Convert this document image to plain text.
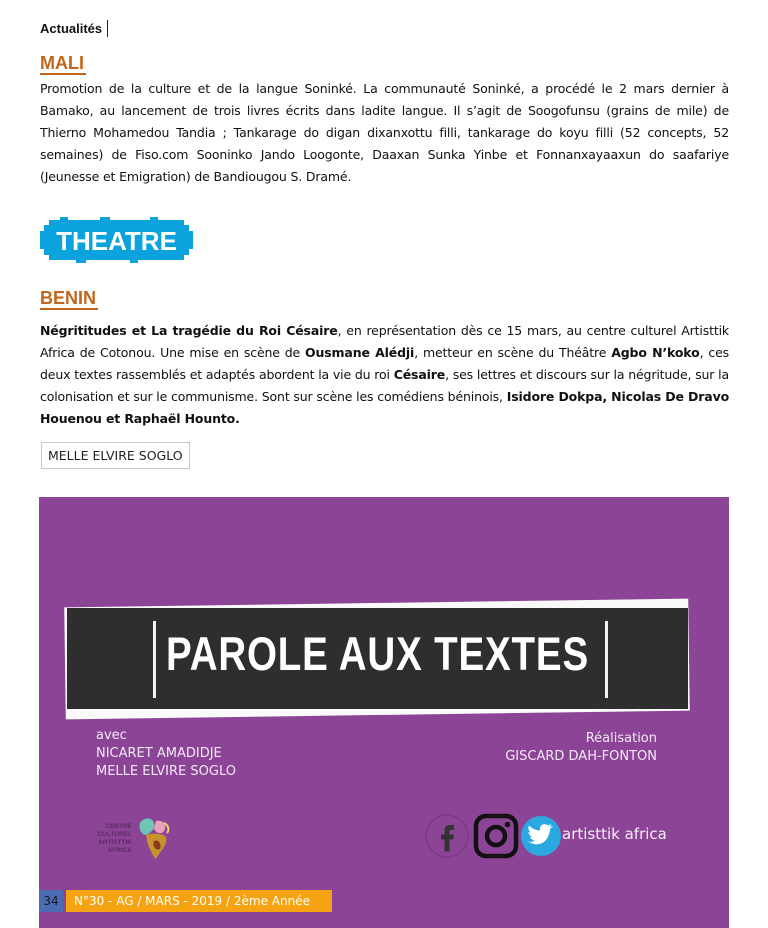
Actualités
MALI

Promotion de la culture et de la langue Soninké. La communauté Soninké, a procédé le 2 mars dernier à Bamako, au lancement de trois livres écrits dans ladite langue. Il s’agit de Soogofunsu (grains de mile) de Thierno Mohamedou Tandia ; Tankarage do digan dixanxottu filli, tankarage do koyu filli (52 concepts, 52 semaines) de Fiso.com Sooninko Jando Loogonte, Daaxan Sunka Yinbe et Fonnanxayaaxun do saafariye (Jeunesse et Emigration) de Bandiougou S. Dramé.

THEATRE
BENIN

Négrititudes et La tragédie du Roi Césaire, en représentation dès ce 15 mars, au centre culturel Artisttik Africa de Cotonou. Une mise en scène de Ousmane Alédji, metteur en scène du Théâtre Agbo N’koko, ces deux textes rassemblés et adaptés abordent la vie du roi Césaire, ses lettres et discours sur la négritude, sur la colonisation et sur le communisme. Sont sur scène les comédiens béninois, Isidore Dokpa, Nicolas De Dravo Houenou et Raphaël Hounto.

MELLE ELVIRE SOGLO
PAROLE AUX TEXTES
avec
NICARET AMADIDJE
MELLE ELVIRE SOGLO
Réalisation
GISCARD DAH-FONTON
CENTRE
CULTUREL
ARTISTTIK
AFRICA
artisttik africa
34	N°30 - AG / MARS - 2019 / 2ème Année
